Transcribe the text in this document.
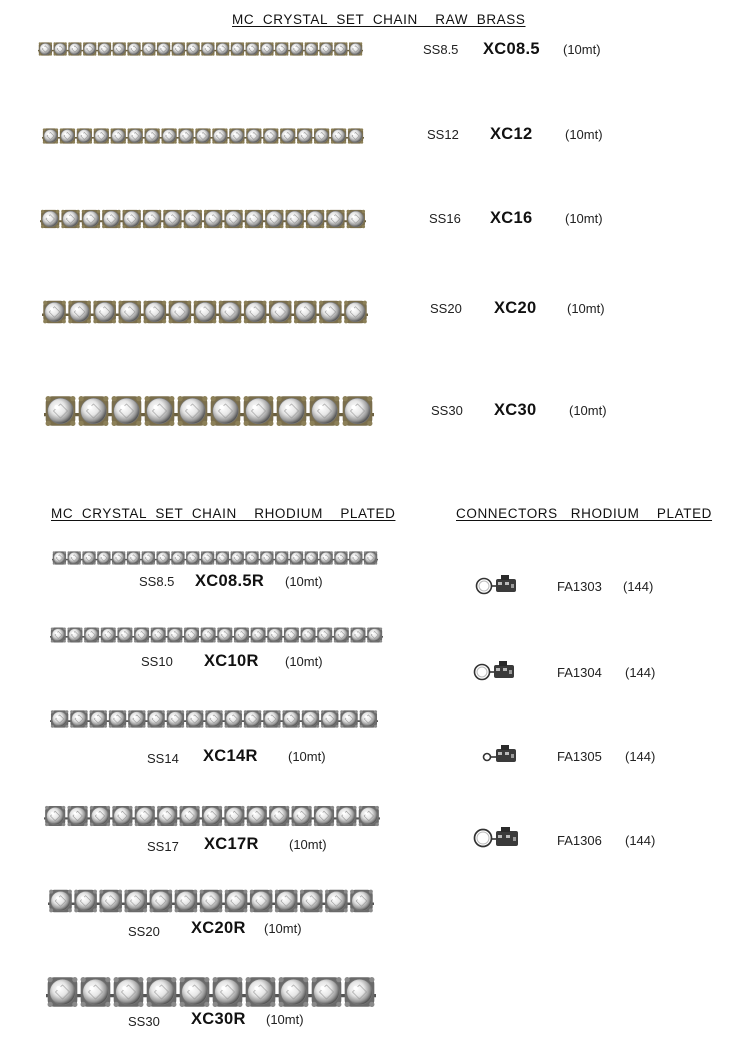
MC  CRYSTAL  SET  CHAIN    RAW  BRASS
MC  CRYSTAL  SET  CHAIN    RHODIUM    PLATED	CONNECTORS   RHODIUM    PLATED
SS8.5 XC08.5 (10mt)
SS12 XC12	(10mt)
SS16 XC16	(10mt)
SS20 XC20 (10mt)
SS30 XC30	(10mt)
SS8.5 XC08.5R (10mt)
SS10 XC10R (10mt)
SS14 XC14R (10mt)
SS17 XC17R (10mt)
SS20 XC20R (10mt)
SS30 XC30R (10mt)
FA1303 (144)
FA1304 (144)
FA1305 (144)
FA1306 (144)
